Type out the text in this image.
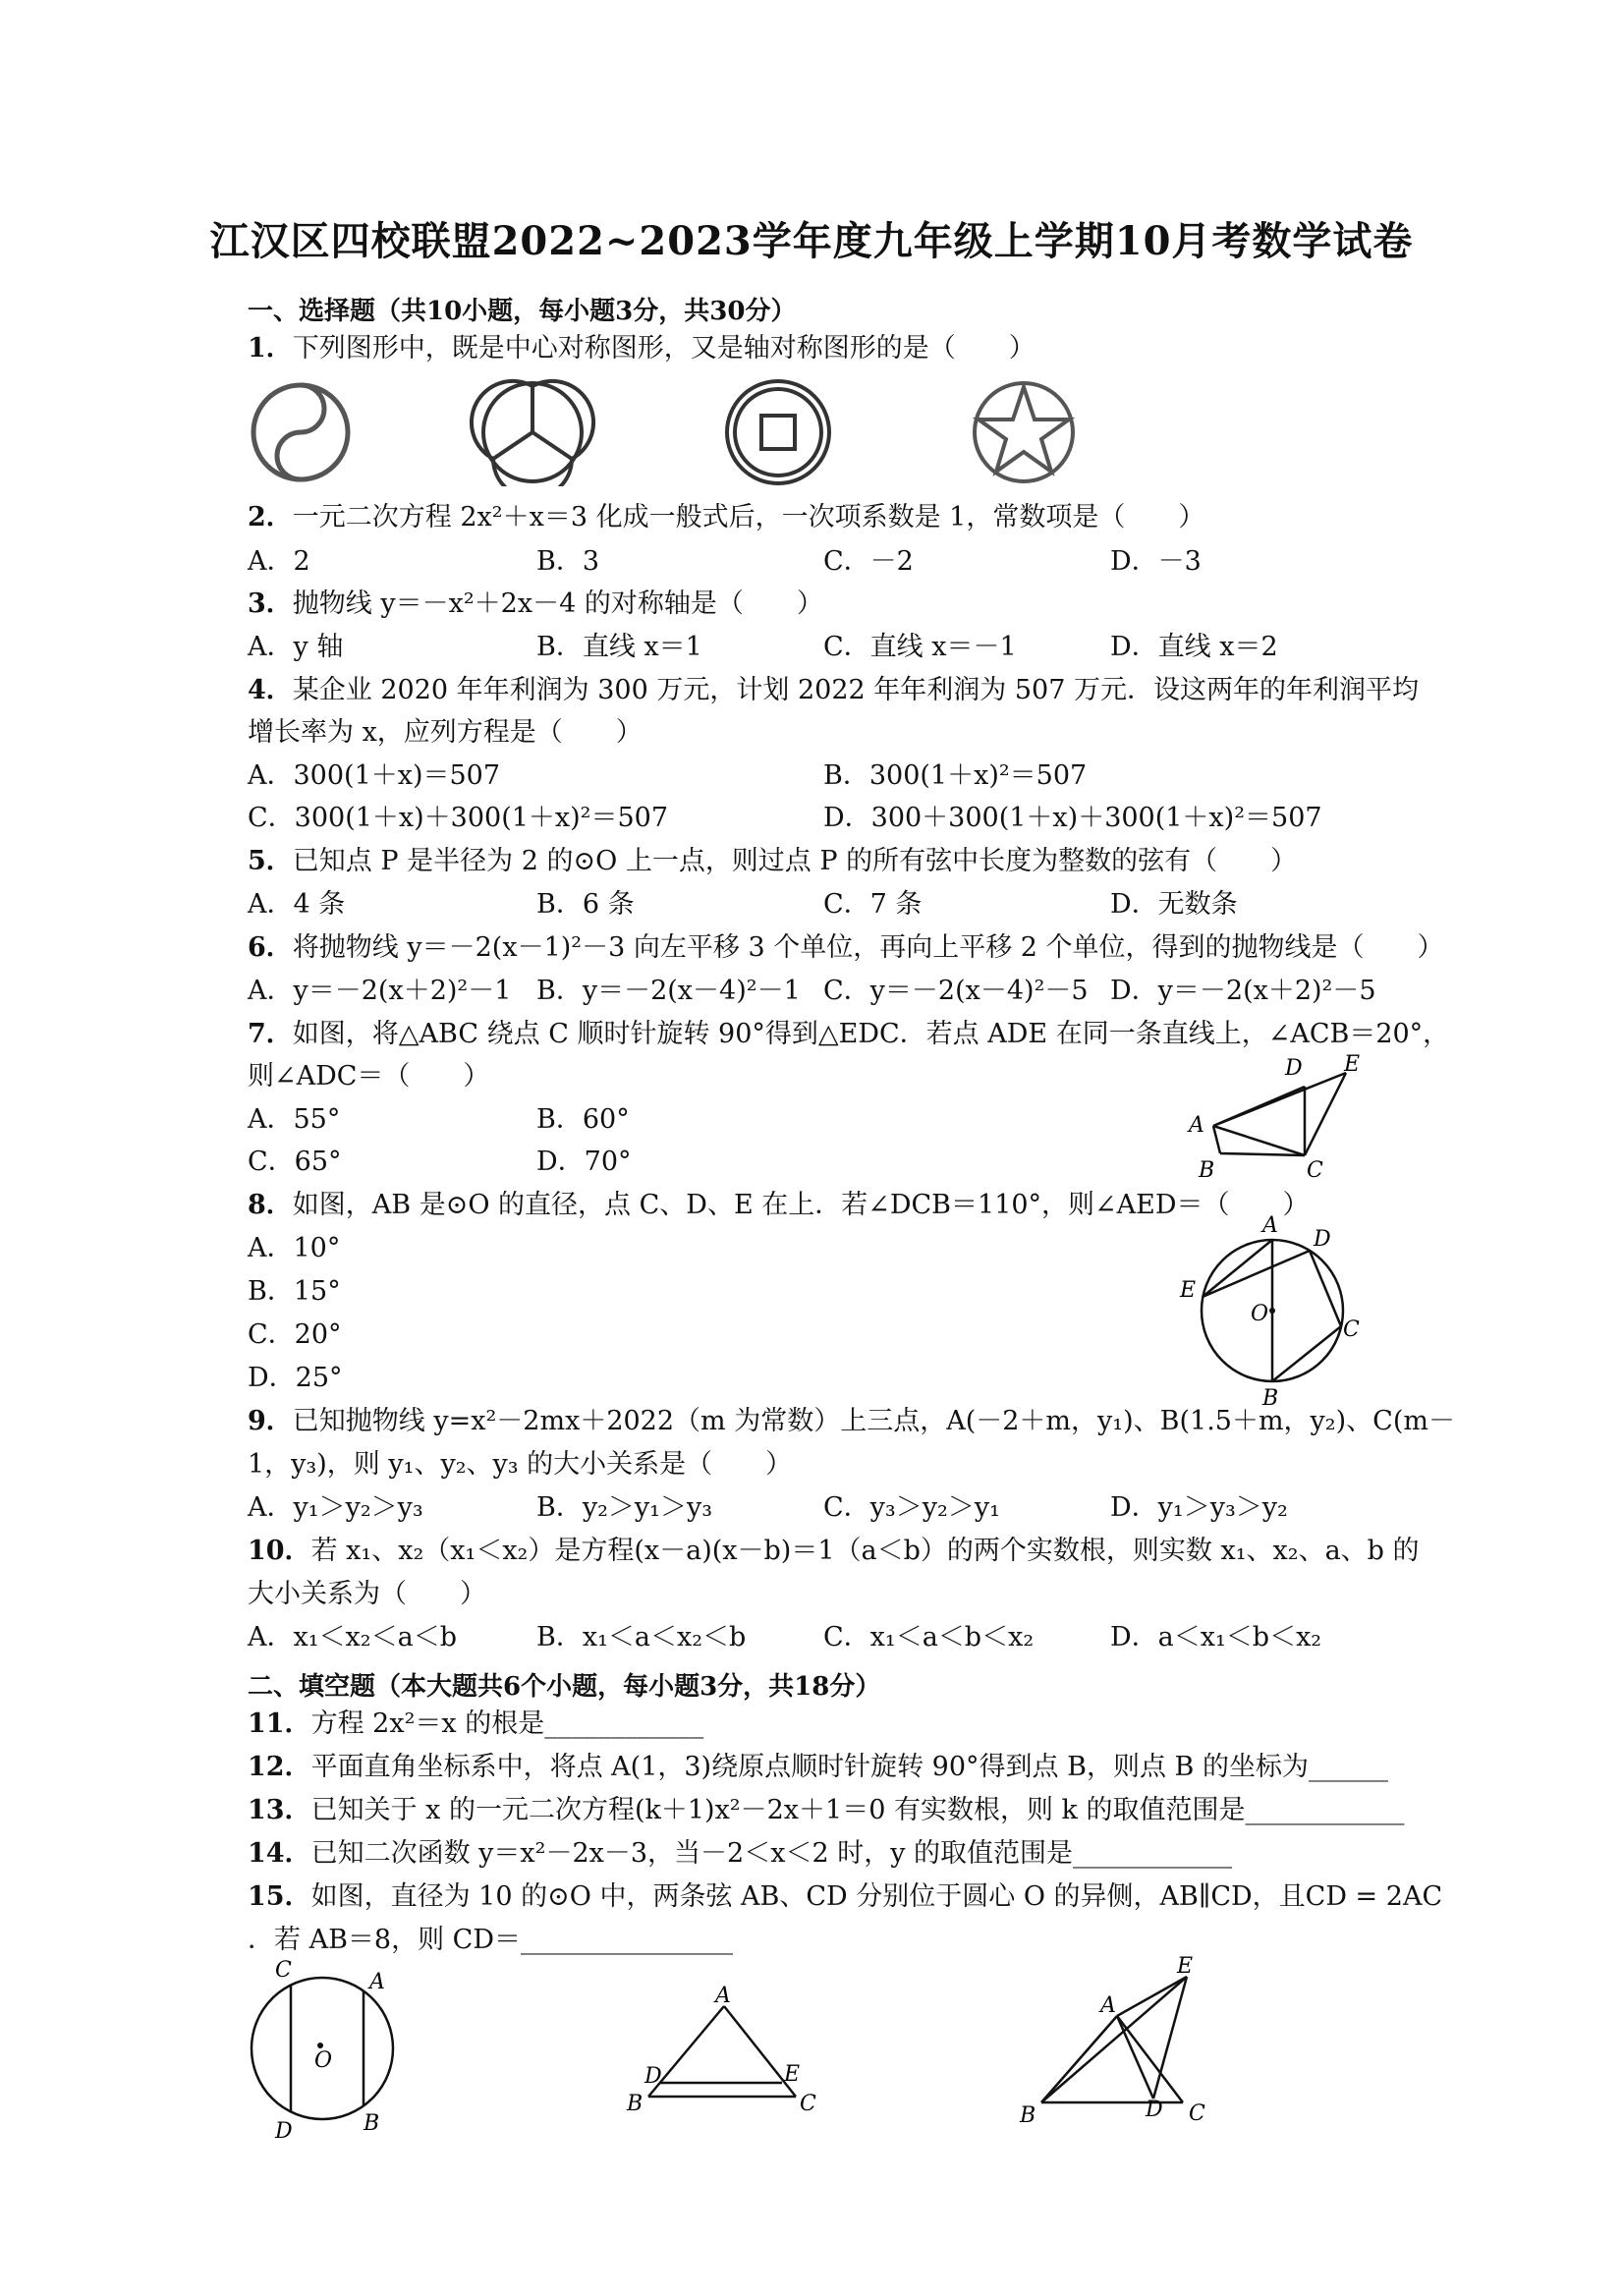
江汉区四校联盟2022~2023学年度九年级上学期10月考数学试卷
一、选择题（共10小题，每小题3分，共30分）
1．下列图形中，既是中心对称图形，又是轴对称图形的是（　　）
2．一元二次方程 2x²＋x＝3 化成一般式后，一次项系数是 1，常数项是（　　）
A．2	B．3	C．－2	D．－3
3．抛物线 y＝－x²＋2x－4 的对称轴是（　　）
A．y 轴	B．直线 x＝1	C．直线 x＝－1	D．直线 x＝2
4．某企业 2020 年年利润为 300 万元，计划 2022 年年利润为 507 万元．设这两年的年利润平均
增长率为 x，应列方程是（　　）
A．300(1＋x)＝507	B．300(1＋x)²＝507
C．300(1＋x)＋300(1＋x)²＝507	D．300＋300(1＋x)＋300(1＋x)²＝507
5．已知点 P 是半径为 2 的⊙O 上一点，则过点 P 的所有弦中长度为整数的弦有（　　）
A．4 条	B．6 条	C．7 条	D．无数条
6．将抛物线 y＝－2(x－1)²－3 向左平移 3 个单位，再向上平移 2 个单位，得到的抛物线是（　　）
A．y＝－2(x＋2)²－1 B．y＝－2(x－4)²－1 C．y＝－2(x－4)²－5 D．y＝－2(x＋2)²－5
7．如图，将△ABC 绕点 C 顺时针旋转 90°得到△EDC．若点 ADE 在同一条直线上，∠ACB＝20°，
则∠ADC＝（　　）
A．55°	B．60°
C．65°	D．70°
A
B	C
D E
8．如图，AB 是⊙O 的直径，点 C、D、E 在上．若∠DCB＝110°，则∠AED＝（　　）
A．10°
B．15°
C．20°
D．25°
A
B
C
D
E
O
9．已知抛物线 y=x²－2mx＋2022（m 为常数）上三点，A(－2＋m，y₁)、B(1.5＋m，y₂)、C(m－
1，y₃)，则 y₁、y₂、y₃ 的大小关系是（　　）
A．y₁＞y₂＞y₃	B．y₂＞y₁＞y₃	C．y₃＞y₂＞y₁	D．y₁＞y₃＞y₂
10．若 x₁、x₂（x₁＜x₂）是方程(x－a)(x－b)＝1（a＜b）的两个实数根，则实数 x₁、x₂、a、b 的
大小关系为（　　）
A．x₁＜x₂＜a＜b	B．x₁＜a＜x₂＜b	C．x₁＜a＜b＜x₂	D．a＜x₁＜b＜x₂
二、填空题（本大题共6个小题，每小题3分，共18分）
11．方程 2x²＝x 的根是____________
12．平面直角坐标系中，将点 A(1，3)绕原点顺时针旋转 90°得到点 B，则点 B 的坐标为______
13．已知关于 x 的一元二次方程(k＋1)x²－2x＋1＝0 有实数根，则 k 的取值范围是____________
14．已知二次函数 y＝x²－2x－3，当－2＜x＜2 时，y 的取值范围是____________
15．如图，直径为 10 的⊙O 中，两条弦 AB、CD 分别位于圆心 O 的异侧，AB∥CD，且CD = 2AC
．若 AB＝8，则 CD＝________________
C	A
O
B
D
A
D	E
B	C
E
A
B	D C
